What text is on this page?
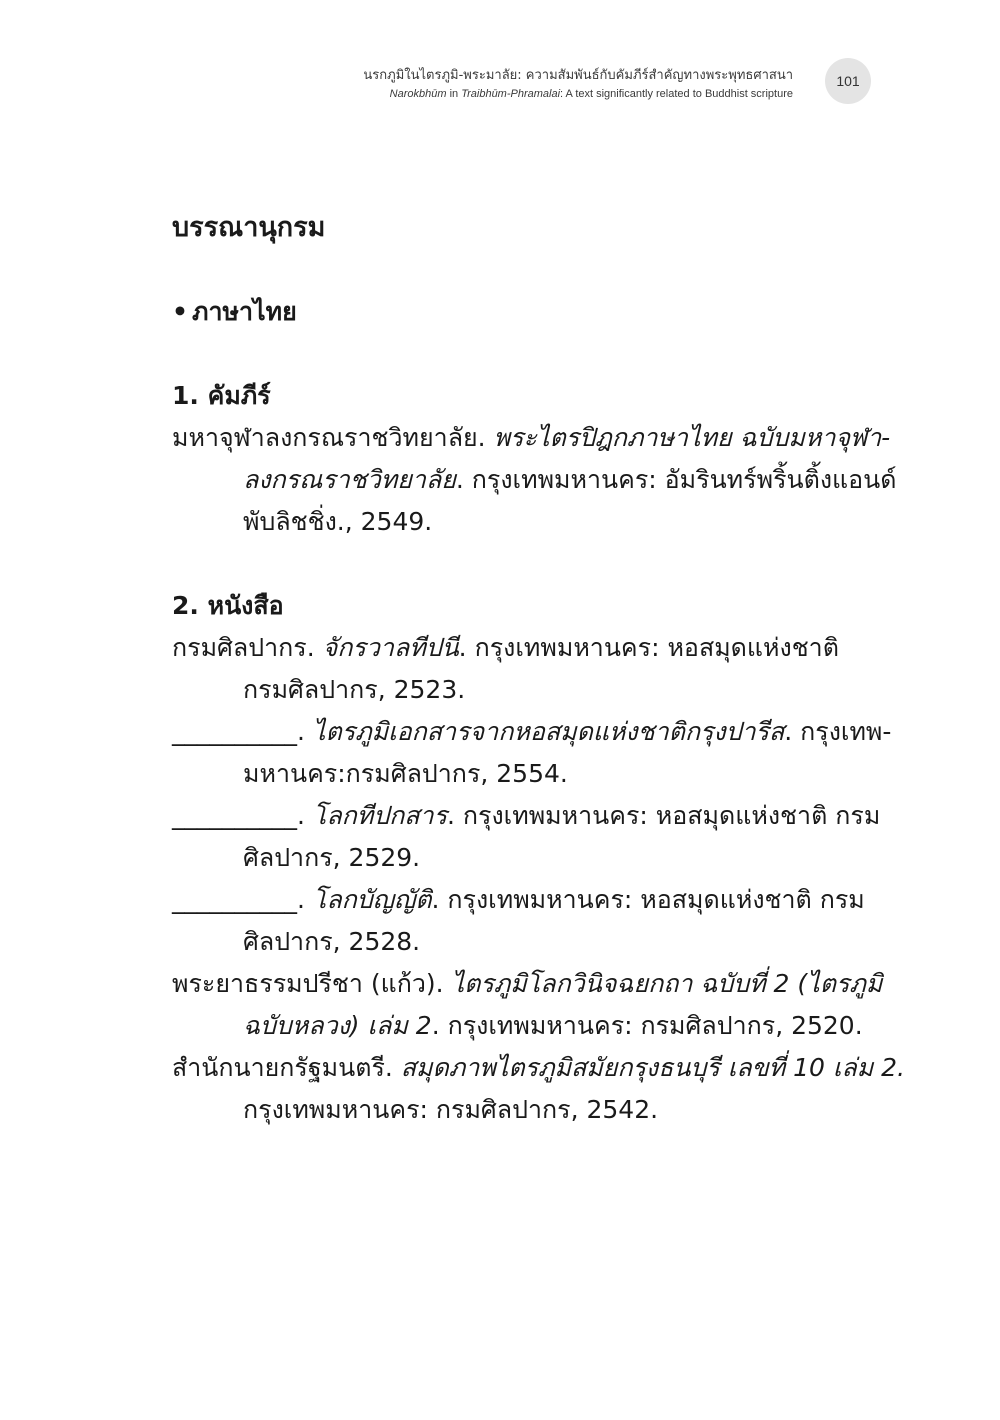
นรกภูมิในไตรภูมิ-พระมาลัย: ความสัมพันธ์กับคัมภีร์สำคัญทางพระพุทธศาสนา
Narokbhūm in Traibhūm-Phramalai: A text significantly related to Buddhist scripture
101
บรรณานุกรม
• ภาษาไทย
1. คัมภีร์
มหาจุฬาลงกรณราชวิทยาลัย. พระไตรปิฎกภาษาไทย ฉบับมหาจุฬา-
ลงกรณราชวิทยาลัย. กรุงเทพมหานคร: อัมรินทร์พริ้นติ้งแอนด์
พับลิชชิ่ง., 2549.
2. หนังสือ
กรมศิลปากร. จักรวาลทีปนี. กรุงเทพมหานคร: หอสมุดแห่งชาติ
กรมศิลปากร, 2523.
__________. ไตรภูมิเอกสารจากหอสมุดแห่งชาติกรุงปารีส. กรุงเทพ-
มหานคร:กรมศิลปากร, 2554.
__________. โลกทีปกสาร. กรุงเทพมหานคร: หอสมุดแห่งชาติ กรม
ศิลปากร, 2529.
__________. โลกบัญญัติ. กรุงเทพมหานคร: หอสมุดแห่งชาติ กรม
ศิลปากร, 2528.
พระยาธรรมปรีชา (แก้ว). ไตรภูมิโลกวินิจฉยกถา ฉบับที่ 2 (ไตรภูมิ
ฉบับหลวง) เล่ม 2. กรุงเทพมหานคร: กรมศิลปากร, 2520.
สำนักนายกรัฐมนตรี. สมุดภาพไตรภูมิสมัยกรุงธนบุรี เลขที่ 10 เล่ม 2.
กรุงเทพมหานคร: กรมศิลปากร, 2542.
